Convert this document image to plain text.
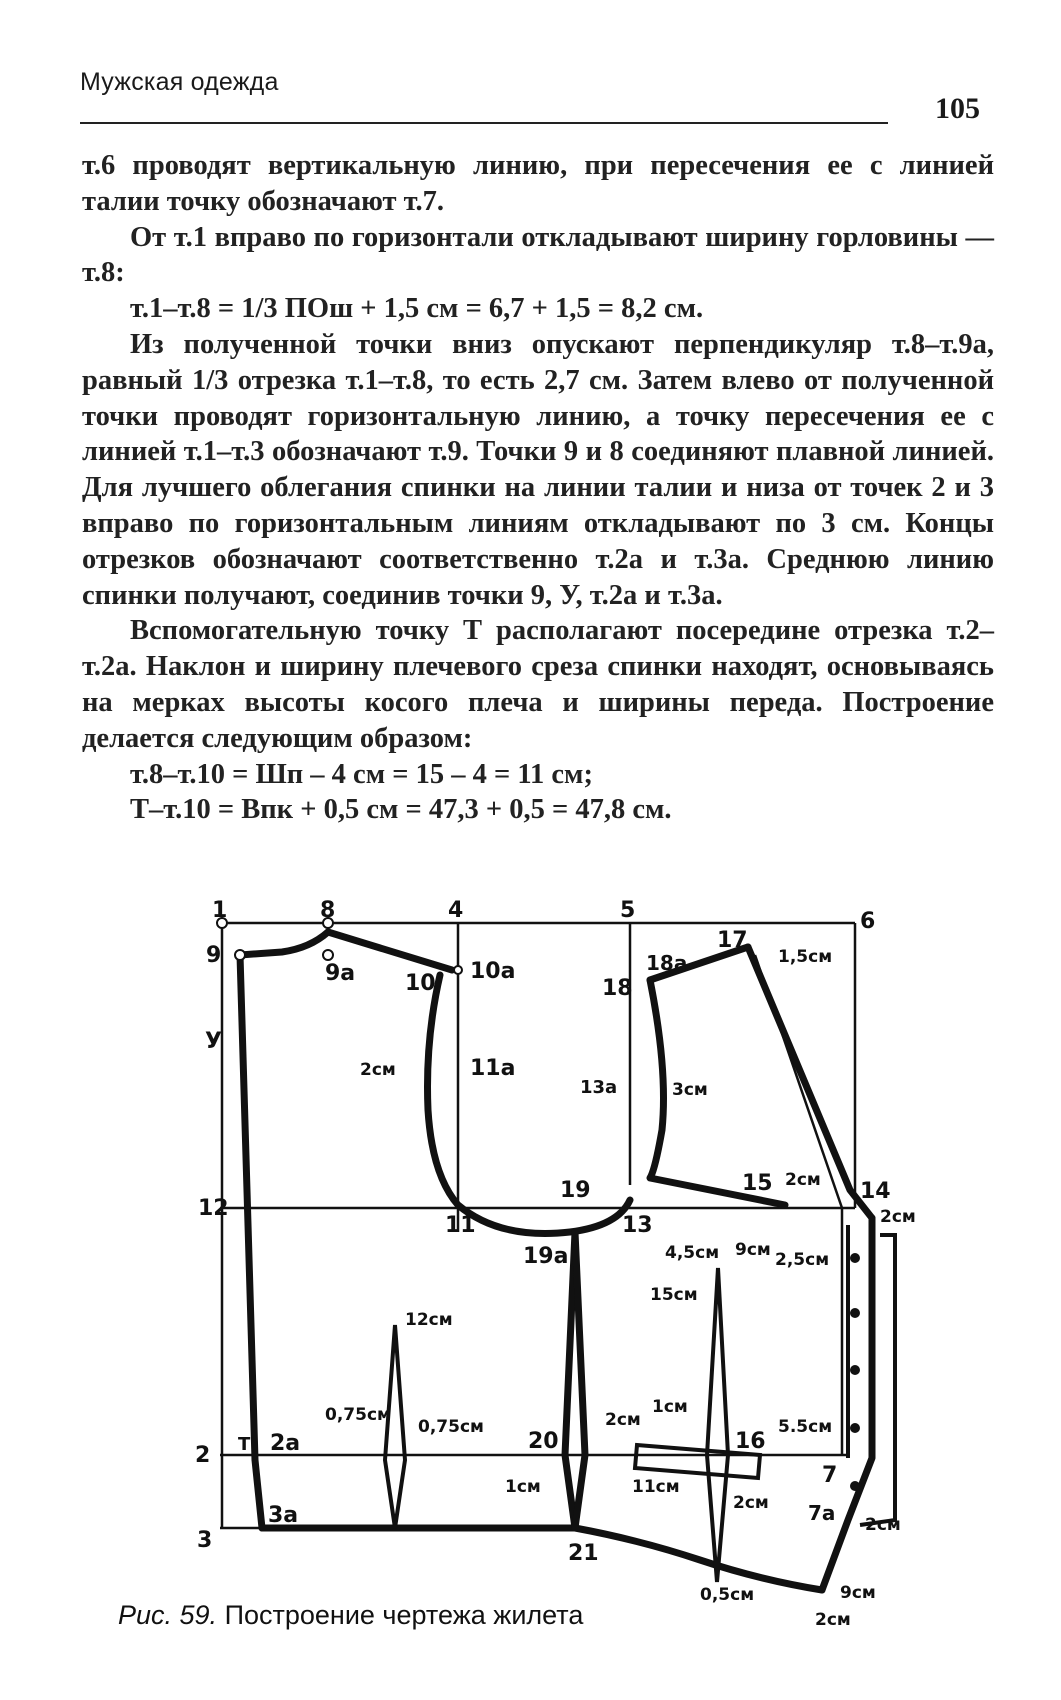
Мужская одежда
105

т.6 проводят вертикальную линию, при пересечения ее с линией талии точку обозначают т.7.

От т.1 вправо по горизонтали откладывают ширину горловины — т.8:

т.1–т.8 = 1/3 ПОш + 1,5 см = 6,7 + 1,5 = 8,2 см.

Из полученной точки вниз опускают перпендикуляр т.8–т.9а, равный 1/3 отрезка т.1–т.8, то есть 2,7 см. Затем влево от полученной точки проводят горизонтальную линию, а точку пересечения ее с линией т.1–т.3 обозначают т.9. Точки 9 и 8 соединяют плавной линией. Для лучшего облегания спинки на линии талии и низа от точек 2 и 3 вправо по горизонтальным линиям откладывают по 3 см. Концы отрезков обозначают соответственно т.2а и т.3а. Среднюю линию спинки получают, соединив точки 9, У, т.2а и т.3а.

Вспомогательную точку Т располагают посередине отрезка т.2–т.2а. Наклон и ширину плечевого среза спинки находят, основываясь на мерках высоты косого плеча и ширины переда. Построение делается следующим образом:

т.8–т.10 = Шп – 4 см = 15 – 4 = 11 см;

Т–т.10 = Впк + 0,5 см = 47,3 + 0,5 = 47,8 см.

1	8	4	5	6
9
9а 10 10а
У
11а
11
12
19
19а
13
13а
18
18а
17
15	14
2 Т 2а	20	16
7
7а
3
3а
21
1,5см
2см
3см
2см
2см
4,5см 9см 2,5см
12см
0,75см
0,75см
15см
2см
1см
5.5см
1см	11см
2см
2см
0,5см	9см
2см
Рис. 59. Построение чертежа жилета
